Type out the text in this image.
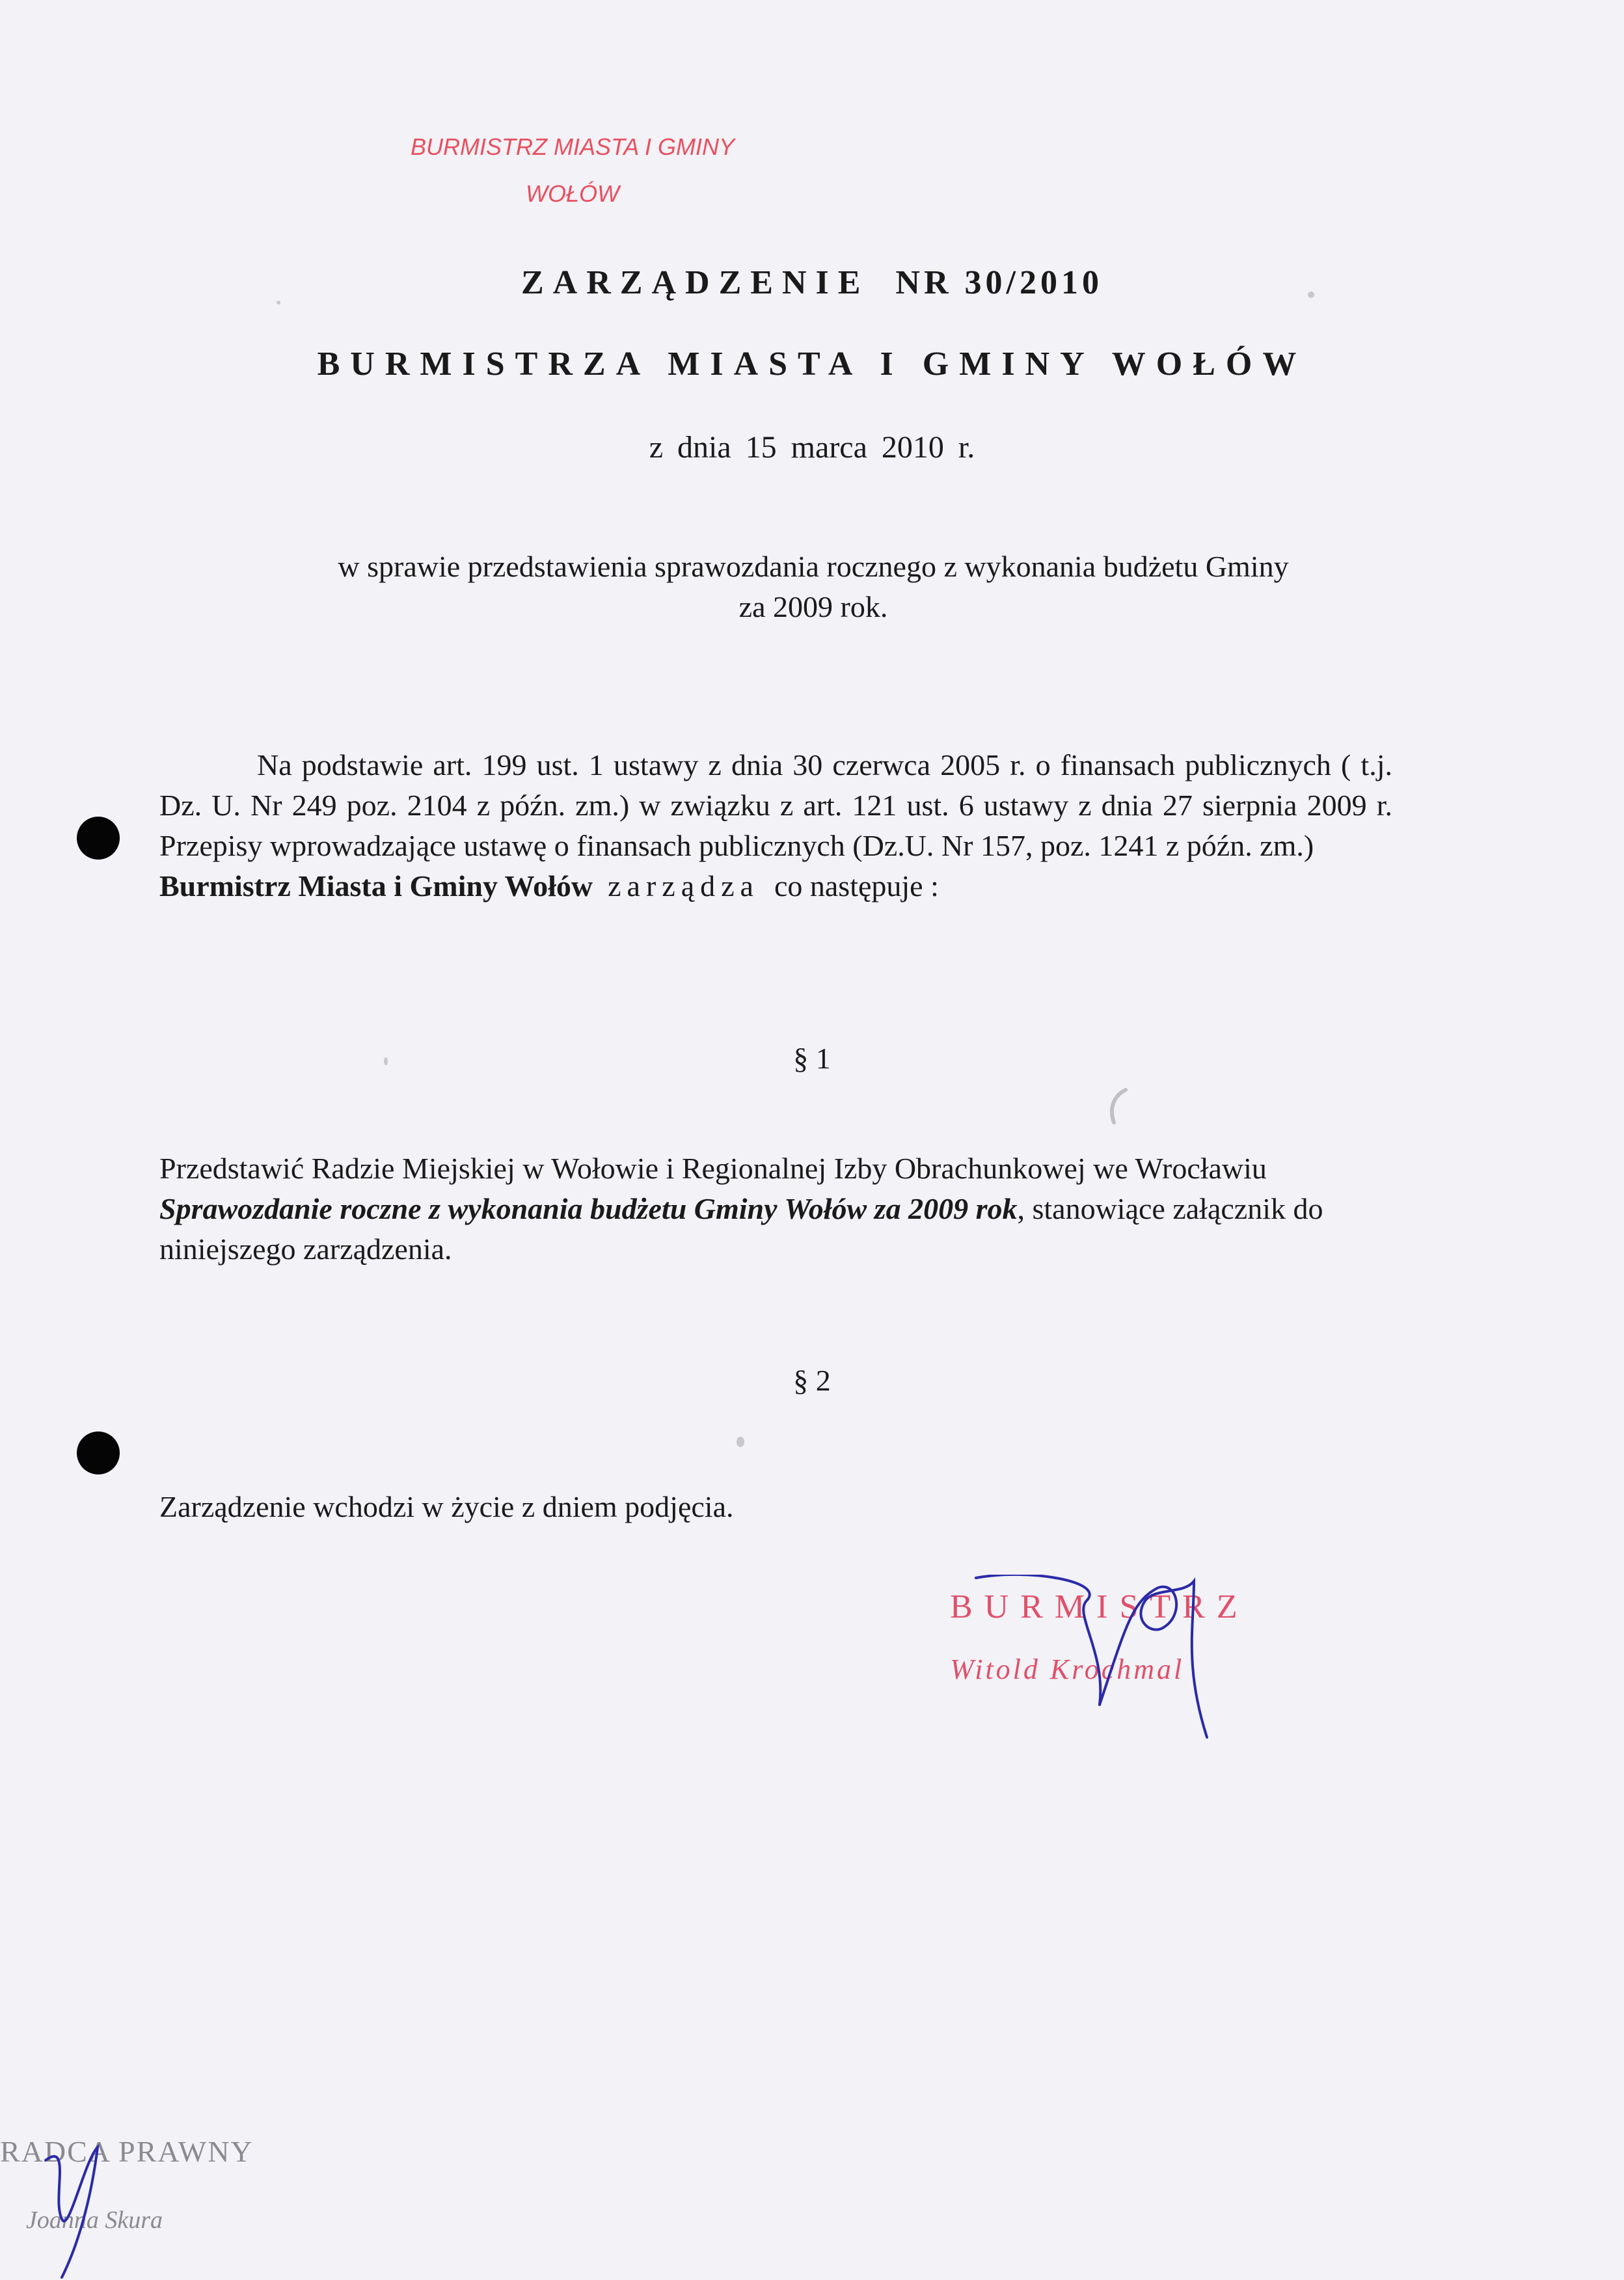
BURMISTRZ MIASTA I GMINY
WOŁÓW
ZARZĄDZENIE NR 30/2010
BURMISTRZA MIASTA I GMINY WOŁÓW
z dnia 15 marca 2010 r.
w sprawie przedstawienia sprawozdania rocznego z wykonania budżetu Gminy
za 2009 rok.
Na podstawie art. 199 ust. 1 ustawy z dnia 30 czerwca 2005 r. o finansach publicznych ( t.j. Dz. U. Nr 249 poz. 2104 z późn. zm.) w związku z art. 121 ust. 6 ustawy z dnia 27 sierpnia 2009 r. Przepisy wprowadzające ustawę o finansach publicznych (Dz.U. Nr 157, poz. 1241 z późn. zm.)
Burmistrz Miasta i Gminy Wołów zarządza co następuje :
§ 1
Przedstawić Radzie Miejskiej w Wołowie i Regionalnej Izby Obrachunkowej we Wrocławiu Sprawozdanie roczne z wykonania budżetu Gminy Wołów za 2009 rok, stanowiące załącznik do niniejszego zarządzenia.
§ 2
Zarządzenie wchodzi w życie z dniem podjęcia.
BURMISTRZ
Witold Krochmal
RADCA PRAWNY
Joanna Skura
